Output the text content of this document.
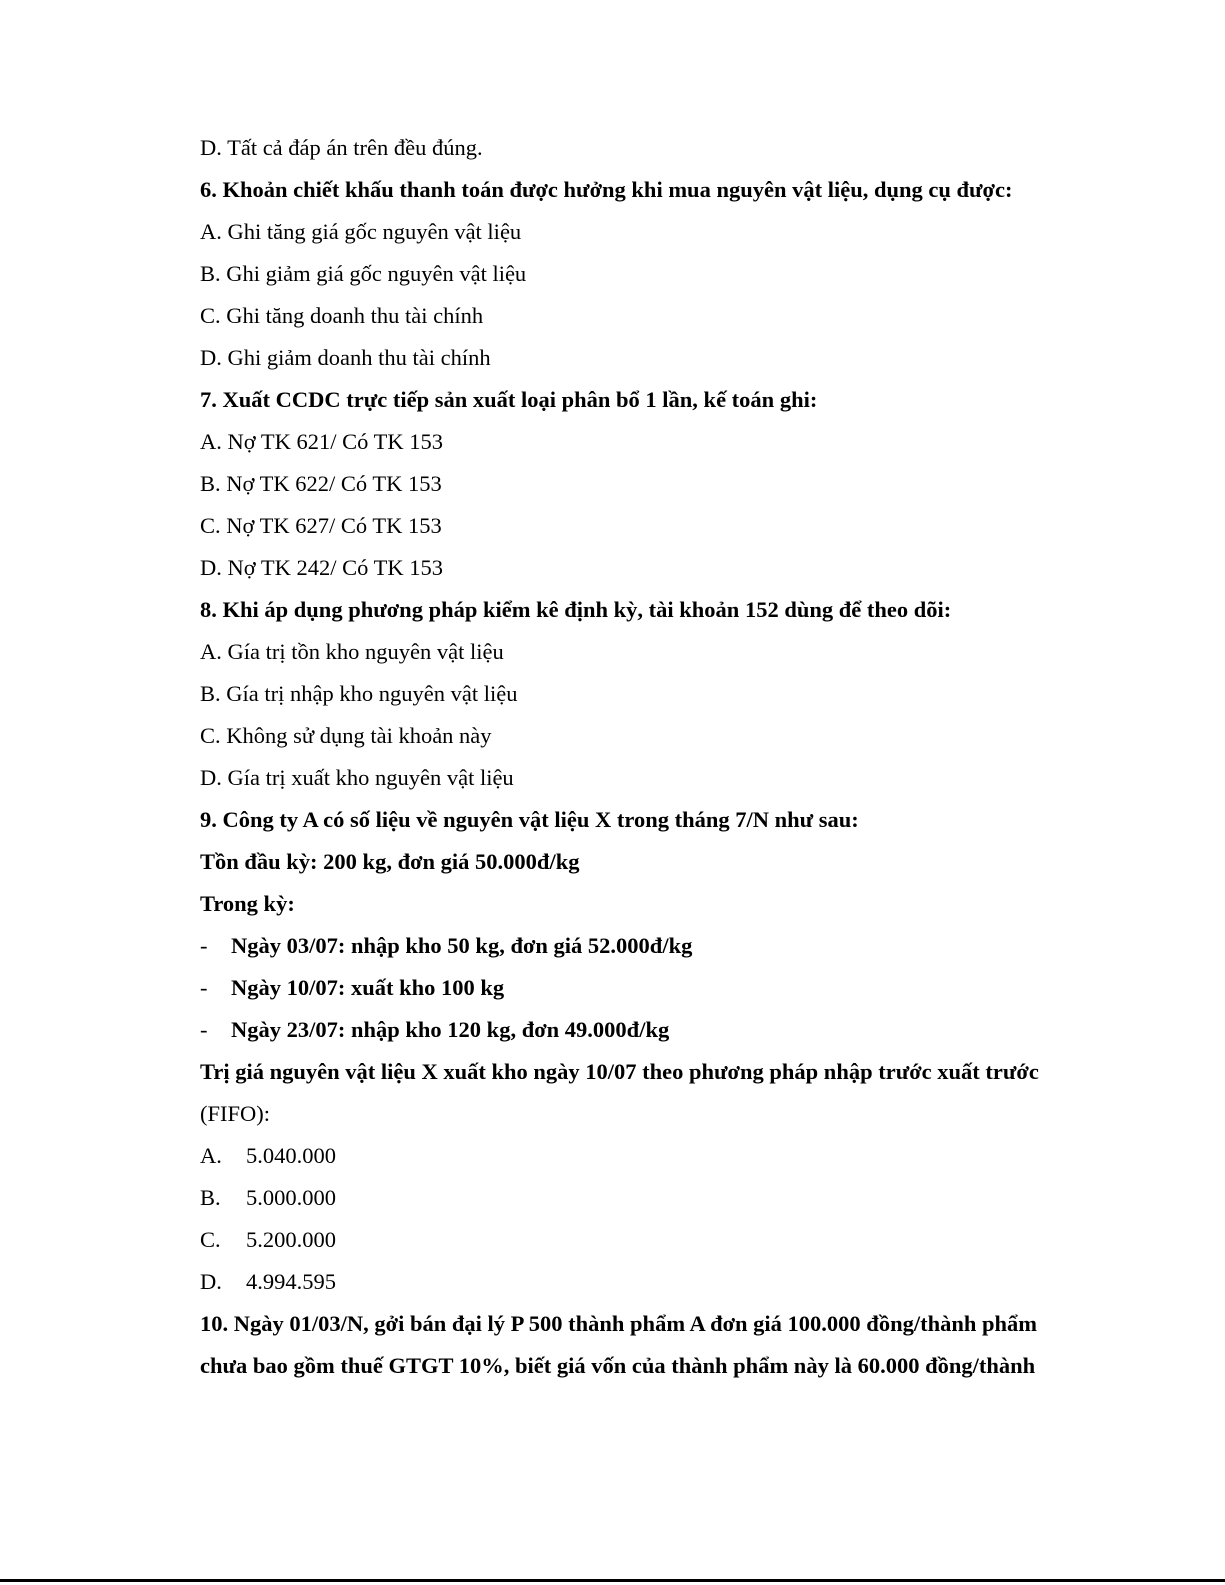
D. Tất cả đáp án trên đều đúng.
6. Khoản chiết khấu thanh toán được hưởng khi mua nguyên vật liệu, dụng cụ được:
A. Ghi tăng giá gốc nguyên vật liệu
B. Ghi giảm giá gốc nguyên vật liệu
C. Ghi tăng doanh thu tài chính
D. Ghi giảm doanh thu tài chính
7. Xuất CCDC trực tiếp sản xuất loại phân bổ 1 lần, kế toán ghi:
A. Nợ TK 621/ Có TK 153
B. Nợ TK 622/ Có TK 153
C. Nợ TK 627/ Có TK 153
D. Nợ TK 242/ Có TK 153
8. Khi áp dụng phương pháp kiểm kê định kỳ, tài khoản 152 dùng để theo dõi:
A. Gía trị tồn kho nguyên vật liệu
B. Gía trị nhập kho nguyên vật liệu
C. Không sử dụng tài khoản này
D. Gía trị xuất kho nguyên vật liệu
9. Công ty A có số liệu về nguyên vật liệu X trong tháng 7/N như sau:
Tồn đầu kỳ: 200 kg, đơn giá 50.000đ/kg
Trong kỳ:
-	Ngày 03/07: nhập kho 50 kg, đơn giá 52.000đ/kg
-	Ngày 10/07: xuất kho 100 kg
-	Ngày 23/07: nhập kho 120 kg, đơn 49.000đ/kg
Trị giá nguyên vật liệu X xuất kho ngày 10/07 theo phương pháp nhập trước xuất trước
(FIFO):
A.	5.040.000
B.	5.000.000
C.	5.200.000
D.	4.994.595
10. Ngày 01/03/N, gởi bán đại lý P 500 thành phẩm A đơn giá 100.000 đồng/thành phẩm
chưa bao gồm thuế GTGT 10%, biết giá vốn của thành phẩm này là 60.000 đồng/thành
